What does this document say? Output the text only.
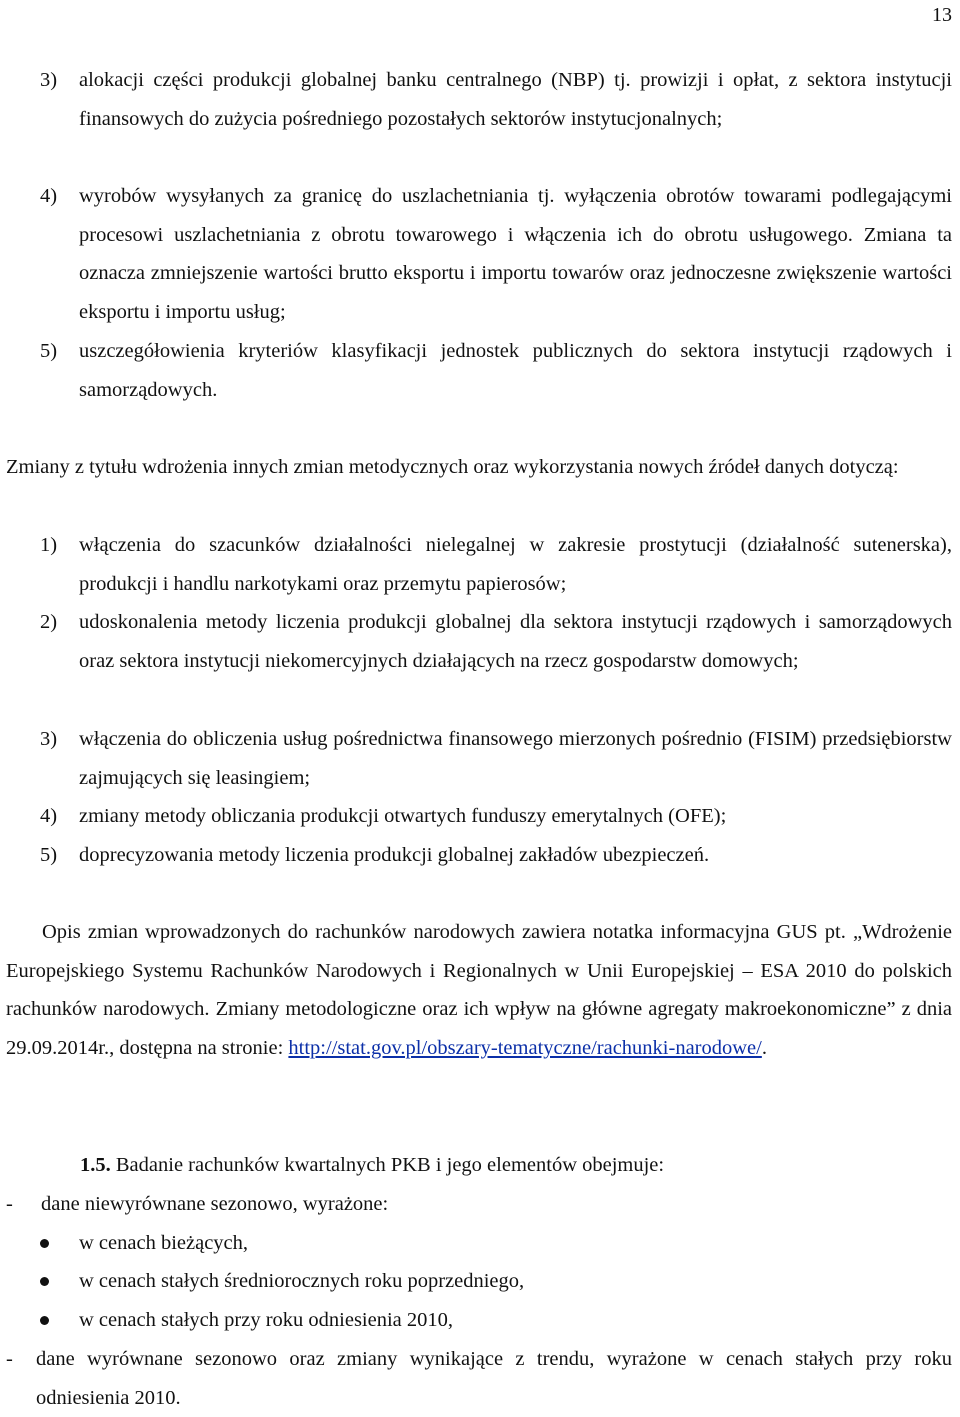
13
3) alokacji części produkcji globalnej banku centralnego (NBP) tj. prowizji i opłat, z sektora instytucji finansowych do zużycia pośredniego pozostałych sektorów instytucjonalnych;
4) wyrobów wysyłanych za granicę do uszlachetniania tj. wyłączenia obrotów towarami podlegającymi procesowi uszlachetniania z obrotu towarowego i włączenia ich do obrotu usługowego. Zmiana ta oznacza zmniejszenie wartości brutto eksportu i importu towarów oraz jednoczesne zwiększenie wartości eksportu i importu usług;
5) uszczegółowienia kryteriów klasyfikacji jednostek publicznych do sektora instytucji rządowych i samorządowych.

Zmiany z tytułu wdrożenia innych zmian metodycznych oraz wykorzystania nowych źródeł danych dotyczą:

1) włączenia do szacunków działalności nielegalnej w zakresie prostytucji (działalność sutenerska), produkcji i handlu narkotykami oraz przemytu papierosów;
2) udoskonalenia metody liczenia produkcji globalnej dla sektora instytucji rządowych i samorządowych oraz sektora instytucji niekomercyjnych działających na rzecz gospodarstw domowych;
3) włączenia do obliczenia usług pośrednictwa finansowego mierzonych pośrednio (FISIM) przedsiębiorstw zajmujących się leasingiem;
4) zmiany metody obliczania produkcji otwartych funduszy emerytalnych (OFE);
5) doprecyzowania metody liczenia produkcji globalnej zakładów ubezpieczeń.

Opis zmian wprowadzonych do rachunków narodowych zawiera notatka informacyjna GUS pt. „Wdrożenie Europejskiego Systemu Rachunków Narodowych i Regionalnych w Unii Europejskiej – ESA 2010 do polskich rachunków narodowych. Zmiany metodologiczne oraz ich wpływ na główne agregaty makroekonomiczne” z dnia 29.09.2014r., dostępna na stronie: http://stat.gov.pl/obszary-tematyczne/rachunki-narodowe/.

1.5. Badanie rachunków kwartalnych PKB i jego elementów obejmuje:
- dane niewyrównane sezonowo, wyrażone:
w cenach bieżących,
w cenach stałych średniorocznych roku poprzedniego,
w cenach stałych przy roku odniesienia 2010,
- dane wyrównane sezonowo oraz zmiany wynikające z trendu, wyrażone w cenach stałych przy roku odniesienia 2010.
